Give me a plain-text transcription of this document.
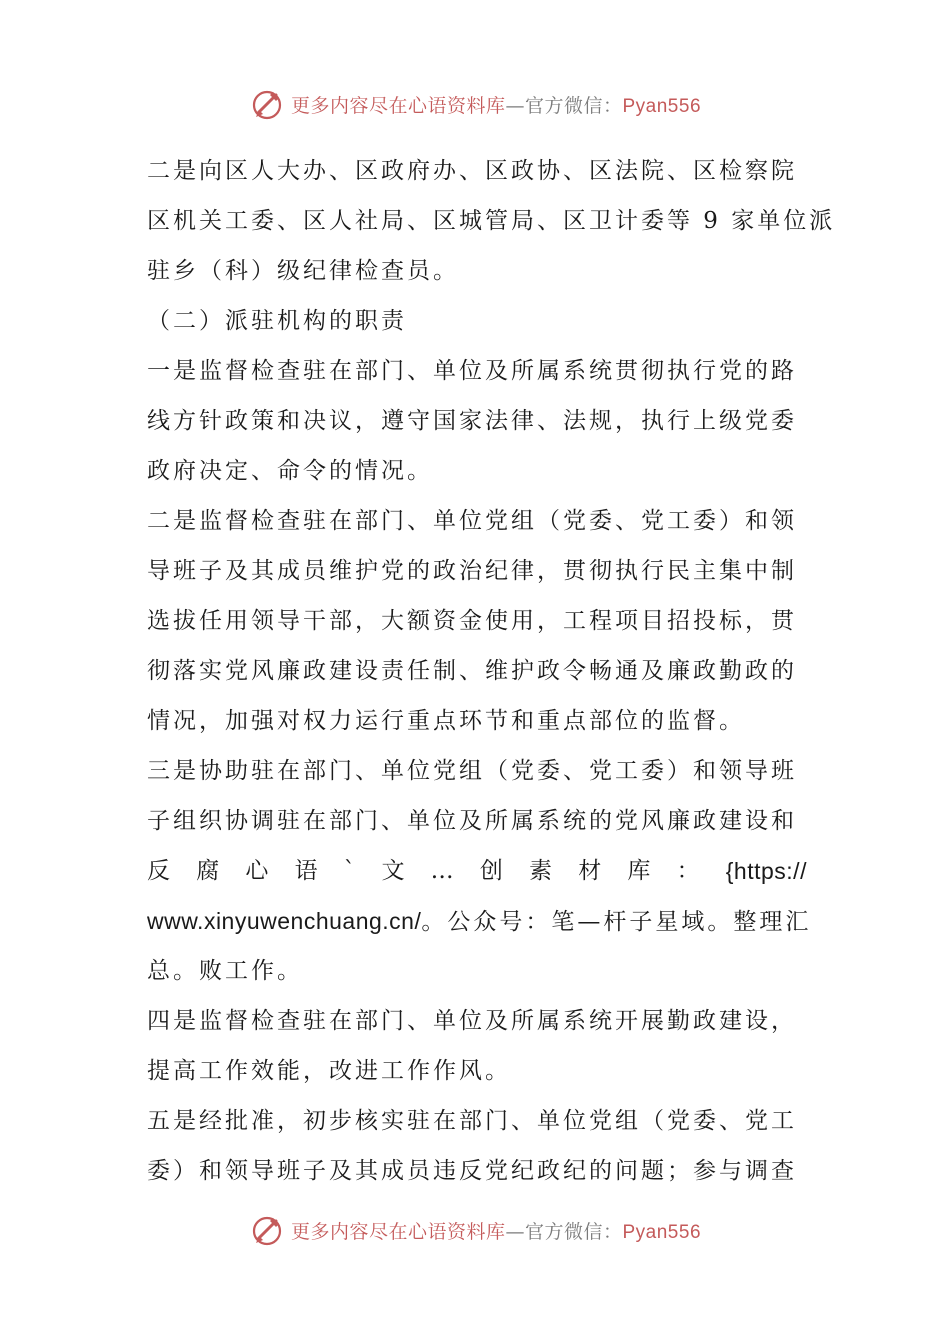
更多内容尽在心语资料库—官方微信：Pyan556
二是向区人大办、区政府办、区政协、区法院、区检察院
区机关工委、区人社局、区城管局、区卫计委等 9 家单位派
驻乡（科）级纪律检查员。
（二）派驻机构的职责
一是监督检查驻在部门、单位及所属系统贯彻执行党的路
线方针政策和决议，遵守国家法律、法规，执行上级党委
政府决定、命令的情况。
二是监督检查驻在部门、单位党组（党委、党工委）和领
导班子及其成员维护党的政治纪律，贯彻执行民主集中制
选拔任用领导干部，大额资金使用，工程项目招投标，贯
彻落实党风廉政建设责任制、维护政令畅通及廉政勤政的
情况，加强对权力运行重点环节和重点部位的监督。
三是协助驻在部门、单位党组（党委、党工委）和领导班
子组织协调驻在部门、单位及所属系统的党风廉政建设和
反 腐 心 语 ` 文 … 创 素 材 库 ： {https://
www.xinyuwenchuang.cn/。公众号：笔—杆子星域。整理汇
总。败工作。
四是监督检查驻在部门、单位及所属系统开展勤政建设，
提高工作效能，改进工作作风。
五是经批准，初步核实驻在部门、单位党组（党委、党工
委）和领导班子及其成员违反党纪政纪的问题；参与调查
更多内容尽在心语资料库—官方微信：Pyan556
